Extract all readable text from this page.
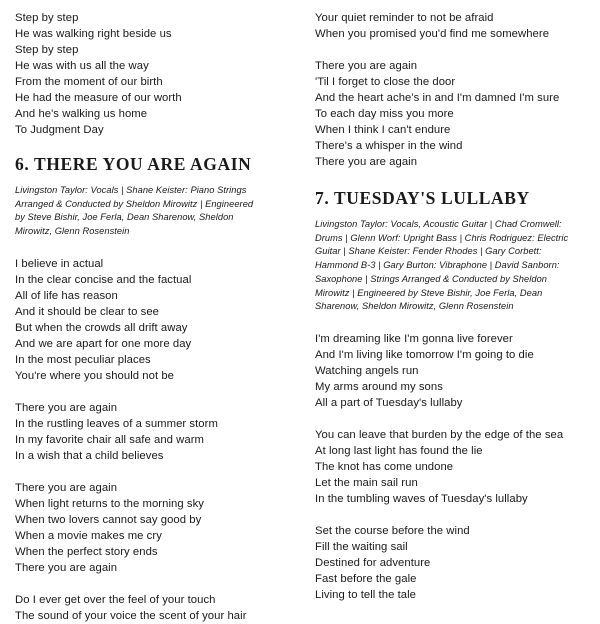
Step by step
He was walking right beside us
Step by step
He was with us all the way
From the moment of our birth
He had the measure of our worth
And he's walking us home
To Judgment Day
6. THERE YOU ARE AGAIN
Livingston Taylor: Vocals | Shane Keister: Piano Strings
Arranged & Conducted by Sheldon Mirowitz | Engineered
by Steve Bishir, Joe Ferla, Dean Sharenow, Sheldon
Mirowitz, Glenn Rosenstein
I believe in actual
In the clear concise and the factual
All of life has reason
And it should be clear to see
But when the crowds all drift away
And we are apart for one more day
In the most peculiar places
You're where you should not be
There you are again
In the rustling leaves of a summer storm
In my favorite chair all safe and warm
In a wish that a child believes
There you are again
When light returns to the morning sky
When two lovers cannot say good by
When a movie makes me cry
When the perfect story ends
There you are again
Do I ever get over the feel of your touch
The sound of your voice the scent of your hair
Your quiet reminder to not be afraid
When you promised you'd find me somewhere
There you are again
'Til I forget to close the door
And the heart ache's in and I'm damned I'm sure
To each day miss you more
When I think I can't endure
There's a whisper in the wind
There you are again
7. TUESDAY'S LULLABY
Livingston Taylor: Vocals, Acoustic Guitar | Chad Cromwell:
Drums | Glenn Worf: Upright Bass | Chris Rodriguez: Electric
Guitar | Shane Keister: Fender Rhodes | Gary Corbett:
Hammond B-3 | Gary Burton: Vibraphone | David Sanborn:
Saxophone | Strings Arranged & Conducted by Sheldon
Mirowitz | Engineered by Steve Bishir, Joe Ferla, Dean
Sharenow, Sheldon Mirowitz, Glenn Rosenstein
I'm dreaming like I'm gonna live forever
And I'm living like tomorrow I'm going to die
Watching angels run
My arms around my sons
All a part of Tuesday's lullaby
You can leave that burden by the edge of the sea
At long last light has found the lie
The knot has come undone
Let the main sail run
In the tumbling waves of Tuesday's lullaby
Set the course before the wind
Fill the waiting sail
Destined for adventure
Fast before the gale
Living to tell the tale
